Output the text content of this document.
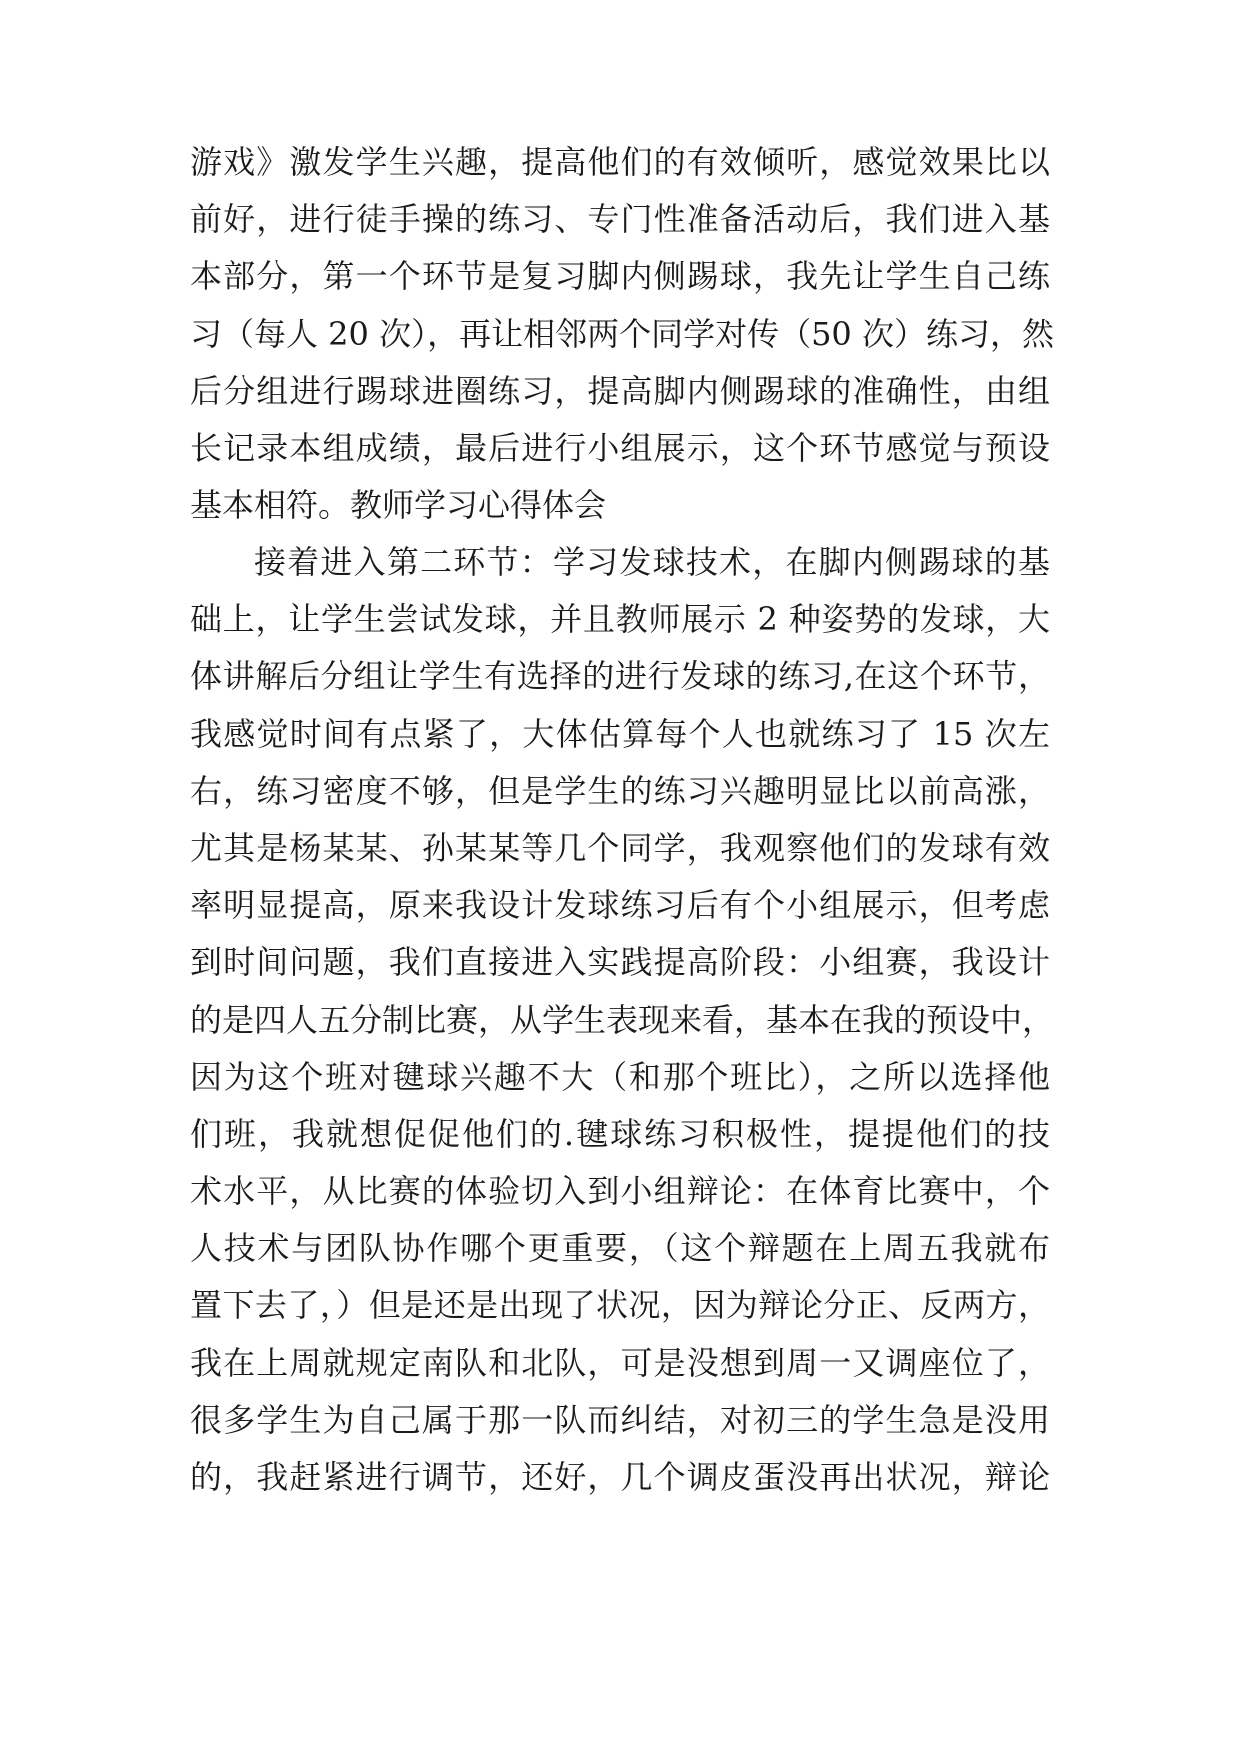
游戏》激发学生兴趣，提高他们的有效倾听，感觉效果比以
前好，进行徒手操的练习、专门性准备活动后，我们进入基
本部分，第一个环节是复习脚内侧踢球，我先让学生自己练
习（每人 20 次），再让相邻两个同学对传（50 次）练习，然
后分组进行踢球进圈练习，提高脚内侧踢球的准确性，由组
长记录本组成绩，最后进行小组展示，这个环节感觉与预设
基本相符。教师学习心得体会
接着进入第二环节：学习发球技术，在脚内侧踢球的基
础上，让学生尝试发球，并且教师展示 2 种姿势的发球，大
体讲解后分组让学生有选择的进行发球的练习,在这个环节，
我感觉时间有点紧了，大体估算每个人也就练习了 15 次左
右，练习密度不够，但是学生的练习兴趣明显比以前高涨，
尤其是杨某某、孙某某等几个同学，我观察他们的发球有效
率明显提高，原来我设计发球练习后有个小组展示，但考虑
到时间问题，我们直接进入实践提高阶段：小组赛，我设计
的是四人五分制比赛，从学生表现来看，基本在我的预设中，
因为这个班对毽球兴趣不大（和那个班比），之所以选择他
们班，我就想促促他们的.毽球练习积极性，提提他们的技
术水平，从比赛的体验切入到小组辩论：在体育比赛中，个
人技术与团队协作哪个更重要，（这个辩题在上周五我就布
置下去了，）但是还是出现了状况，因为辩论分正、反两方，
我在上周就规定南队和北队，可是没想到周一又调座位了，
很多学生为自己属于那一队而纠结，对初三的学生急是没用
的，我赶紧进行调节，还好，几个调皮蛋没再出状况，辩论
